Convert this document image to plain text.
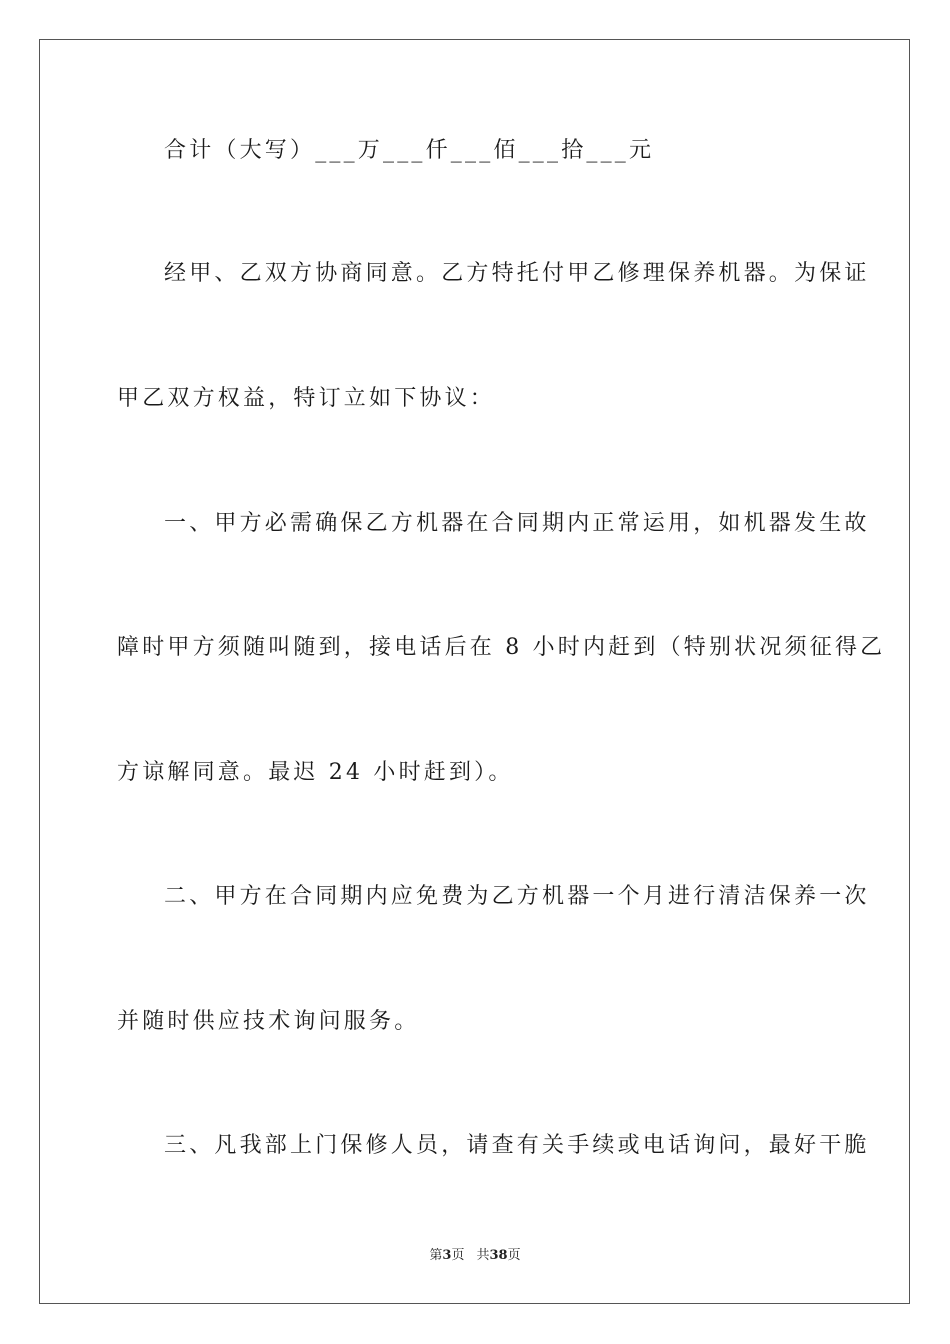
合计（大写）___万___仟___佰___拾___元
经甲、乙双方协商同意。乙方特托付甲乙修理保养机器。为保证
甲乙双方权益，特订立如下协议：
一、甲方必需确保乙方机器在合同期内正常运用，如机器发生故
障时甲方须随叫随到，接电话后在 8 小时内赶到（特别状况须征得乙
方谅解同意。最迟 24 小时赶到）。
二、甲方在合同期内应免费为乙方机器一个月进行清洁保养一次
并随时供应技术询问服务。
三、凡我部上门保修人员，请查有关手续或电话询问，最好干脆
第3页 共38页
